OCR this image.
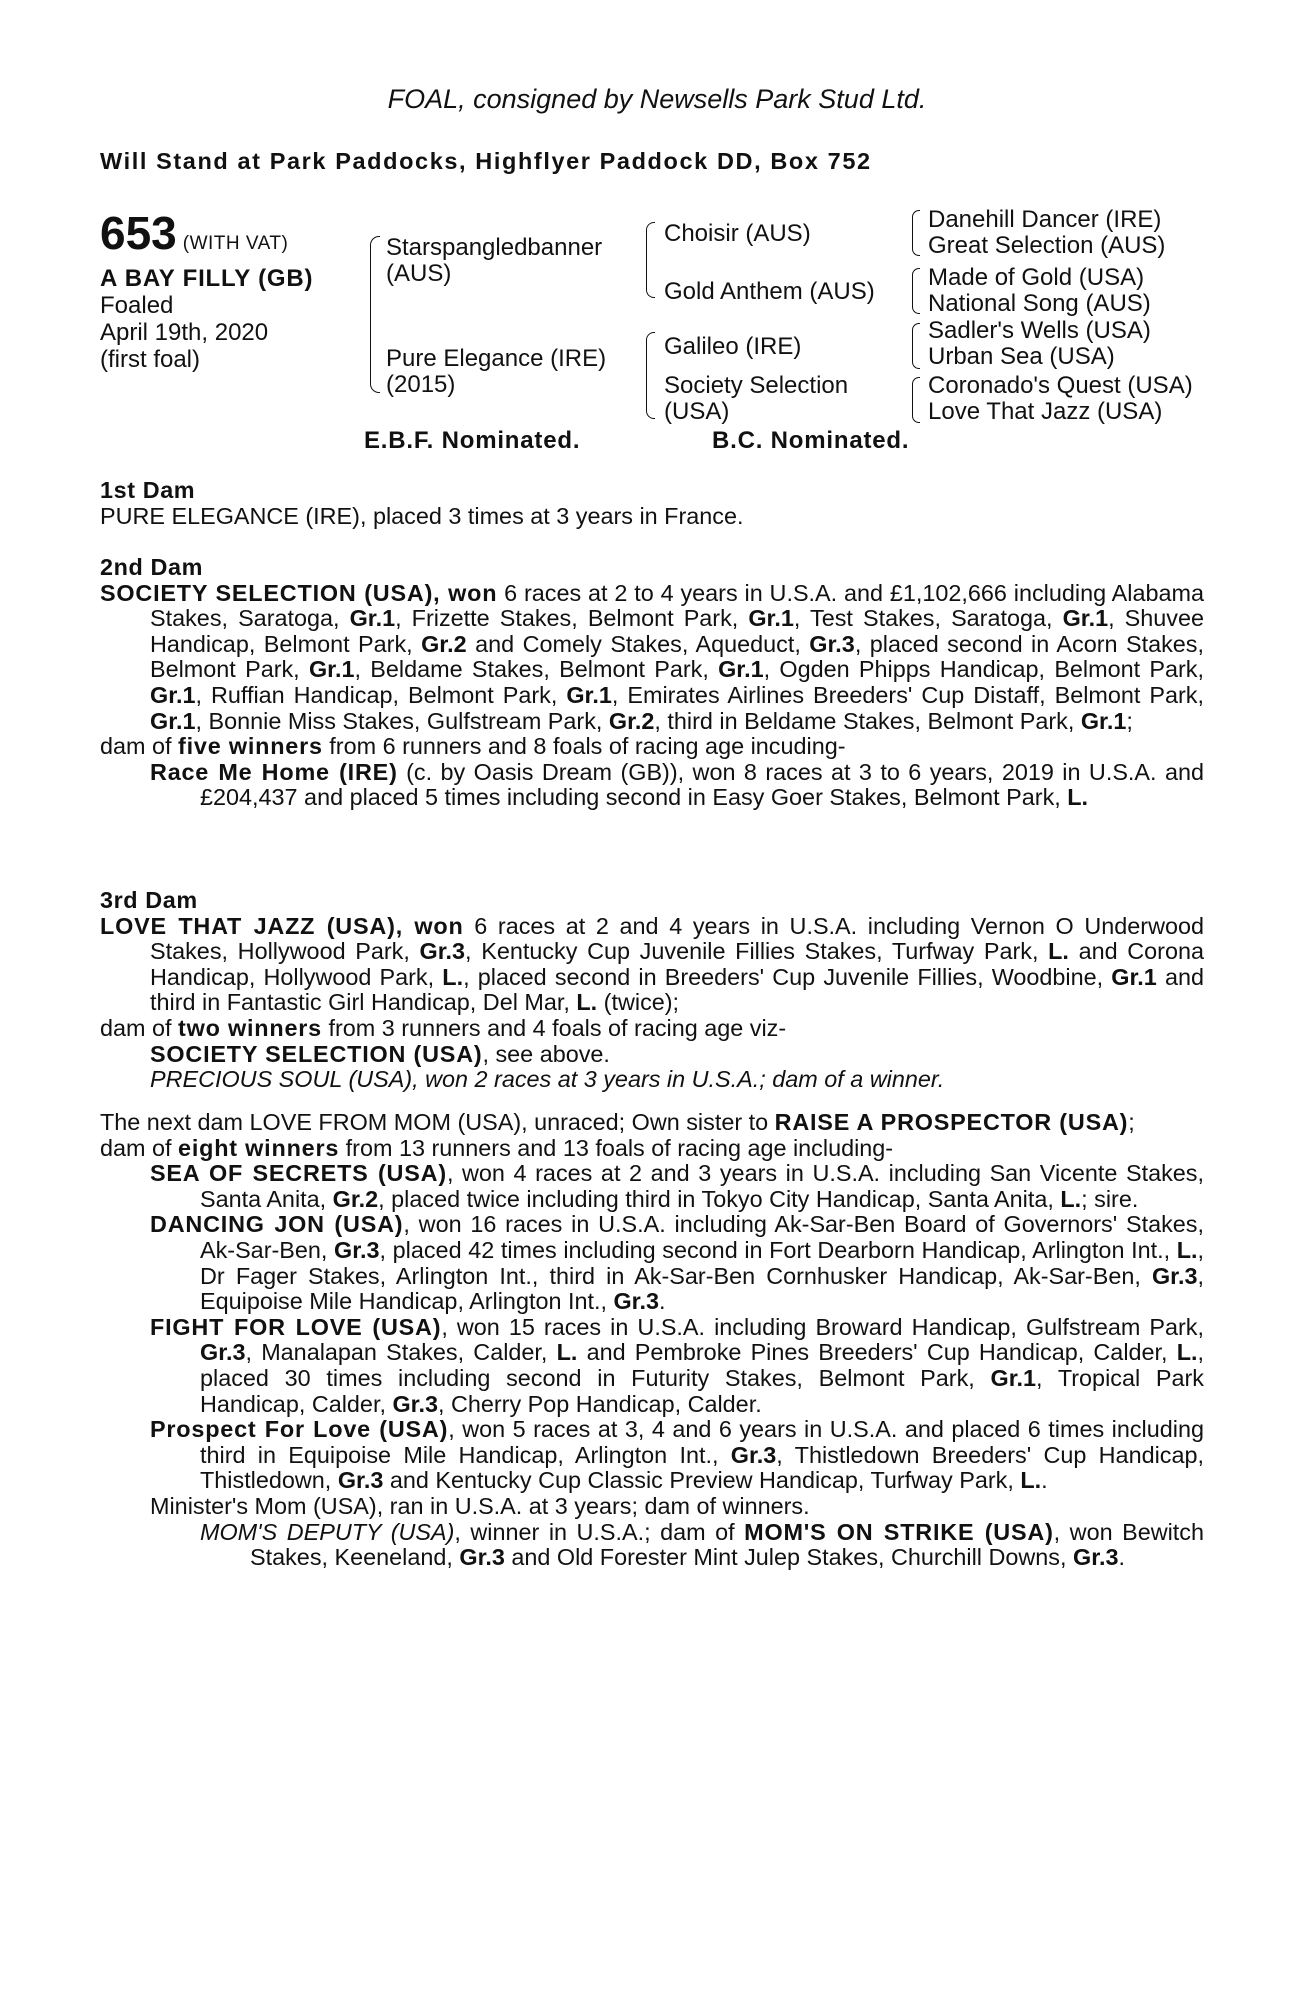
FOAL, consigned by Newsells Park Stud Ltd.
Will Stand at Park Paddocks, Highflyer Paddock DD, Box 752
653 (WITH VAT)
A BAY FILLY (GB)
Foaled
April 19th, 2020
(first foal)
Starspangledbanner
(AUS)
Pure Elegance (IRE)
(2015)
Choisir (AUS)
Gold Anthem (AUS)
Galileo (IRE)
Society Selection
(USA)
Danehill Dancer (IRE)
Great Selection (AUS)
Made of Gold (USA)
National Song (AUS)
Sadler's Wells (USA)
Urban Sea (USA)
Coronado's Quest (USA)
Love That Jazz (USA)
E.B.F. Nominated.	B.C. Nominated.

1st Dam

PURE ELEGANCE (IRE), placed 3 times at 3 years in France.

2nd Dam

SOCIETY SELECTION (USA), won 6 races at 2 to 4 years in U.S.A. and £1,102,666 including Alabama Stakes, Saratoga, Gr.1, Frizette Stakes, Belmont Park, Gr.1, Test Stakes, Saratoga, Gr.1, Shuvee Handicap, Belmont Park, Gr.2 and Comely Stakes, Aqueduct, Gr.3, placed second in Acorn Stakes, Belmont Park, Gr.1, Beldame Stakes, Belmont Park, Gr.1, Ogden Phipps Handicap, Belmont Park, Gr.1, Ruffian Handicap, Belmont Park, Gr.1, Emirates Airlines Breeders' Cup Distaff, Belmont Park, Gr.1, Bonnie Miss Stakes, Gulfstream Park, Gr.2, third in Beldame Stakes, Belmont Park, Gr.1;

dam of five winners from 6 runners and 8 foals of racing age incuding-

Race Me Home (IRE) (c. by Oasis Dream (GB)), won 8 races at 3 to 6 years, 2019 in U.S.A. and £204,437 and placed 5 times including second in Easy Goer Stakes, Belmont Park, L.

3rd Dam

LOVE THAT JAZZ (USA), won 6 races at 2 and 4 years in U.S.A. including Vernon O Underwood Stakes, Hollywood Park, Gr.3, Kentucky Cup Juvenile Fillies Stakes, Turfway Park, L. and Corona Handicap, Hollywood Park, L., placed second in Breeders' Cup Juvenile Fillies, Woodbine, Gr.1 and third in Fantastic Girl Handicap, Del Mar, L. (twice);

dam of two winners from 3 runners and 4 foals of racing age viz-

SOCIETY SELECTION (USA), see above.

PRECIOUS SOUL (USA), won 2 races at 3 years in U.S.A.; dam of a winner.

The next dam LOVE FROM MOM (USA), unraced; Own sister to RAISE A PROSPECTOR (USA);

dam of eight winners from 13 runners and 13 foals of racing age including-

SEA OF SECRETS (USA), won 4 races at 2 and 3 years in U.S.A. including San Vicente Stakes, Santa Anita, Gr.2, placed twice including third in Tokyo City Handicap, Santa Anita, L.; sire.

DANCING JON (USA), won 16 races in U.S.A. including Ak-Sar-Ben Board of Governors' Stakes, Ak-Sar-Ben, Gr.3, placed 42 times including second in Fort Dearborn Handicap, Arlington Int., L., Dr Fager Stakes, Arlington Int., third in Ak-Sar-Ben Cornhusker Handicap, Ak-Sar-Ben, Gr.3, Equipoise Mile Handicap, Arlington Int., Gr.3.

FIGHT FOR LOVE (USA), won 15 races in U.S.A. including Broward Handicap, Gulfstream Park, Gr.3, Manalapan Stakes, Calder, L. and Pembroke Pines Breeders' Cup Handicap, Calder, L., placed 30 times including second in Futurity Stakes, Belmont Park, Gr.1, Tropical Park Handicap, Calder, Gr.3, Cherry Pop Handicap, Calder.

Prospect For Love (USA), won 5 races at 3, 4 and 6 years in U.S.A. and placed 6 times including third in Equipoise Mile Handicap, Arlington Int., Gr.3, Thistledown Breeders' Cup Handicap, Thistledown, Gr.3 and Kentucky Cup Classic Preview Handicap, Turfway Park, L..

Minister's Mom (USA), ran in U.S.A. at 3 years; dam of winners.

MOM'S DEPUTY (USA), winner in U.S.A.; dam of MOM'S ON STRIKE (USA), won Bewitch Stakes, Keeneland, Gr.3 and Old Forester Mint Julep Stakes, Churchill Downs, Gr.3.
